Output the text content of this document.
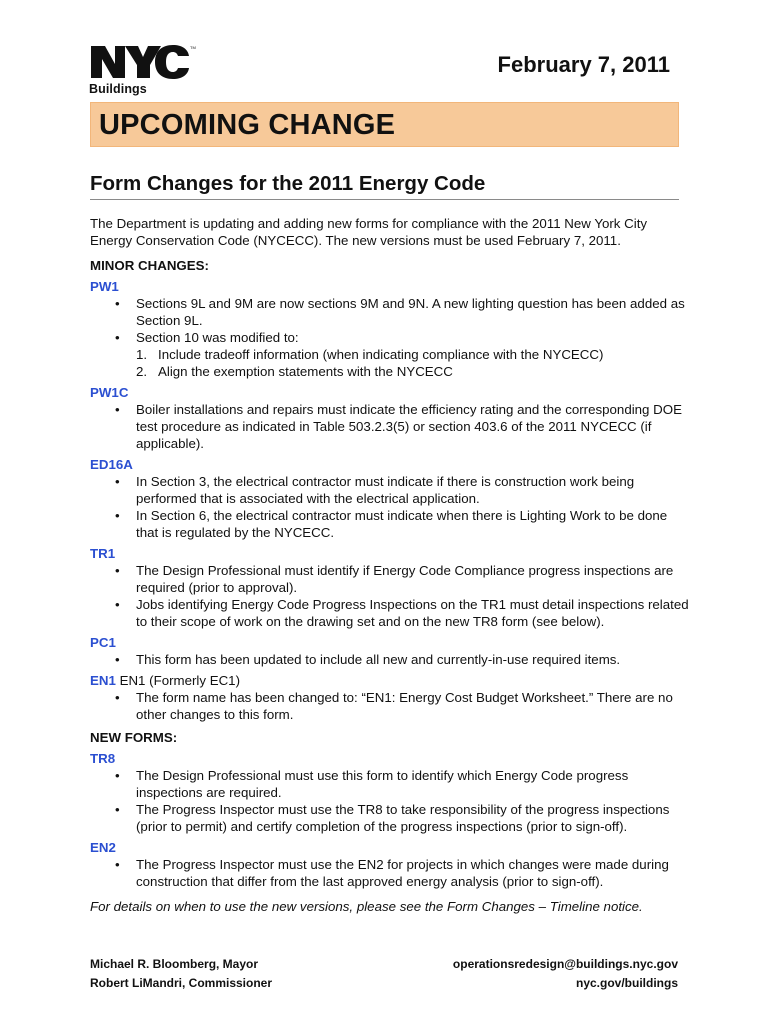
TM
Buildings
February 7, 2011
UPCOMING CHANGE
Form Changes for the 2011 Energy Code

The Department is updating and adding new forms for compliance with the 2011 New York City Energy Conservation Code (NYCECC). The new versions must be used February 7, 2011.

MINOR CHANGES:
PW1
• Sections 9L and 9M are now sections 9M and 9N. A new lighting question has been added as Section 9L.
• Section 10 was modified to:
1. Include tradeoff information (when indicating compliance with the NYCECC)
2. Align the exemption statements with the NYCECC
PW1C
• Boiler installations and repairs must indicate the efficiency rating and the corresponding DOE test procedure as indicated in Table 503.2.3(5) or section 403.6 of the 2011 NYCECC (if applicable).
ED16A
• In Section 3, the electrical contractor must indicate if there is construction work being performed that is associated with the electrical application.
• In Section 6, the electrical contractor must indicate when there is Lighting Work to be done that is regulated by the NYCECC.
TR1
• The Design Professional must identify if Energy Code Compliance progress inspections are required (prior to approval).
• Jobs identifying Energy Code Progress Inspections on the TR1 must detail inspections related to their scope of work on the drawing set and on the new TR8 form (see below).
PC1
• This form has been updated to include all new and currently-in-use required items.
EN1 EN1 (Formerly EC1)
• The form name has been changed to: “EN1: Energy Cost Budget Worksheet.” There are no other changes to this form.
NEW FORMS:
TR8
• The Design Professional must use this form to identify which Energy Code progress inspections are required.
• The Progress Inspector must use the TR8 to take responsibility of the progress inspections (prior to permit) and certify completion of the progress inspections (prior to sign-off).
EN2
• The Progress Inspector must use the EN2 for projects in which changes were made during construction that differ from the last approved energy analysis (prior to sign-off).
For details on when to use the new versions, please see the Form Changes – Timeline notice.
Michael R. Bloomberg, Mayor
Robert LiMandri, Commissioner
operationsredesign@buildings.nyc.gov
nyc.gov/buildings
